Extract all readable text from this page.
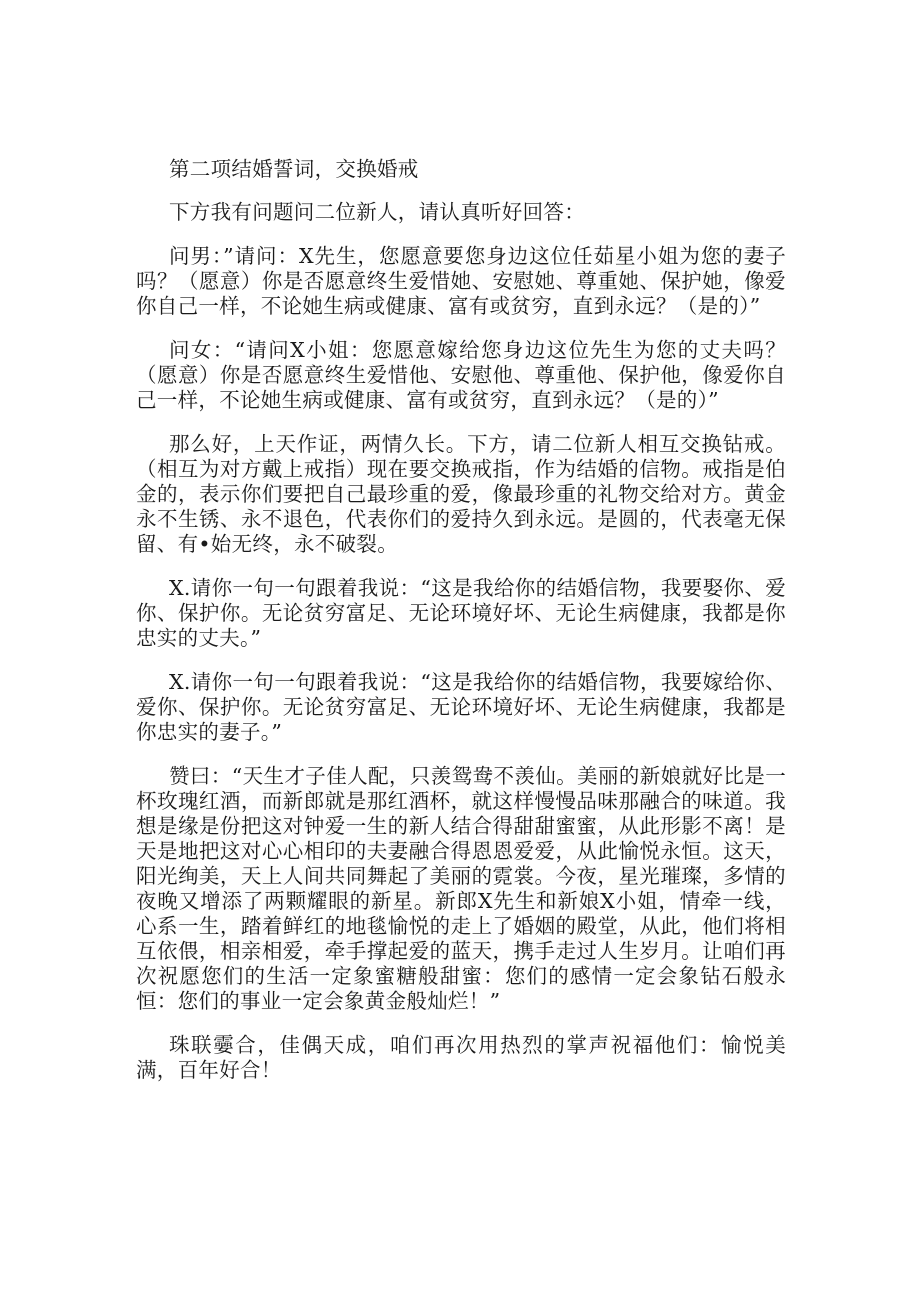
第二项结婚誓词，交换婚戒

下方我有问题问二位新人，请认真听好回答：

问男：”请问：X先生，您愿意要您身边这位任茹星小姐为您的妻子吗？（愿意）你是否愿意终生爱惜她、安慰她、尊重她、保护她，像爱你自己一样，不论她生病或健康、富有或贫穷，直到永远？（是的）”

问女：“请问X小姐：您愿意嫁给您身边这位先生为您的丈夫吗？（愿意）你是否愿意终生爱惜他、安慰他、尊重他、保护他，像爱你自己一样，不论她生病或健康、富有或贫穷，直到永远？（是的）”

那么好，上天作证，两情久长。下方，请二位新人相互交换钻戒。（相互为对方戴上戒指）现在要交换戒指，作为结婚的信物。戒指是伯金的，表示你们要把自己最珍重的爱，像最珍重的礼物交给对方。黄金永不生锈、永不退色，代表你们的爱持久到永远。是圆的，代表毫无保留、有•始无终，永不破裂。

X.请你一句一句跟着我说：“这是我给你的结婚信物，我要娶你、爱你、保护你。无论贫穷富足、无论环境好坏、无论生病健康，我都是你忠实的丈夫。”

X.请你一句一句跟着我说：“这是我给你的结婚信物，我要嫁给你、爱你、保护你。无论贫穷富足、无论环境好坏、无论生病健康，我都是你忠实的妻子。”

赞曰：“天生才子佳人配，只羡鸳鸯不羡仙。美丽的新娘就好比是一杯玫瑰红酒，而新郎就是那红酒杯，就这样慢慢品味那融合的味道。我想是缘是份把这对钟爱一生的新人结合得甜甜蜜蜜，从此形影不离！是天是地把这对心心相印的夫妻融合得恩恩爱爱，从此愉悦永恒。这天，阳光绚美，天上人间共同舞起了美丽的霓裳。今夜，星光璀璨，多情的夜晚又增添了两颗耀眼的新星。新郎X先生和新娘X小姐，情牵一线，心系一生，踏着鲜红的地毯愉悦的走上了婚姻的殿堂，从此，他们将相互依偎，相亲相爱，牵手撑起爱的蓝天，携手走过人生岁月。让咱们再次祝愿您们的生活一定象蜜糖般甜蜜：您们的感情一定会象钻石般永恒：您们的事业一定会象黄金般灿烂！”

珠联孁合，佳偶天成，咱们再次用热烈的掌声祝福他们：愉悦美满，百年好合！
